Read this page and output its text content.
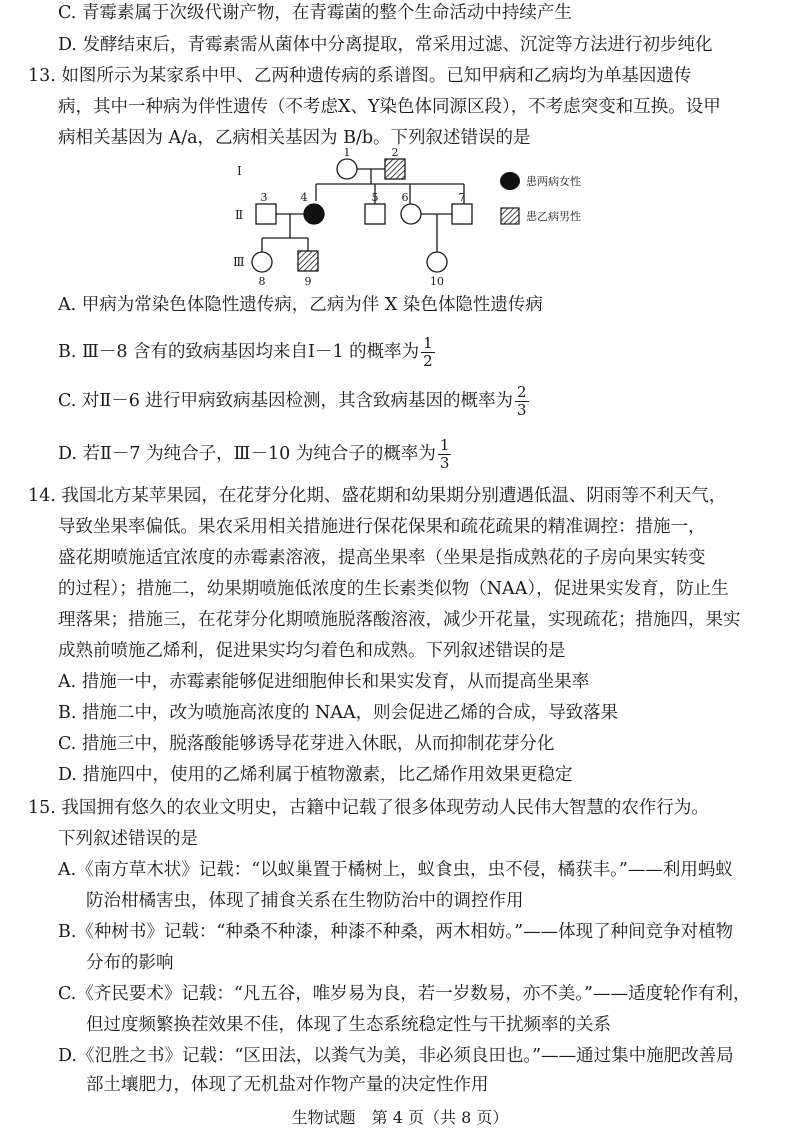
C. 青霉素属于次级代谢产物，在青霉菌的整个生命活动中持续产生
D. 发酵结束后，青霉素需从菌体中分离提取，常采用过滤、沉淀等方法进行初步纯化
13. 如图所示为某家系中甲、乙两种遗传病的系谱图。已知甲病和乙病均为单基因遗传
病，其中一种病为伴性遗传（不考虑X、Y染色体同源区段），不考虑突变和互换。设甲
病相关基因为 A/a，乙病相关基因为 B/b。下列叙述错误的是
Ⅰ
Ⅱ
Ⅲ
1	2
3	4	5 6	7
8	9	10
患两病女性
患乙病男性
A. 甲病为常染色体隐性遗传病，乙病为伴 X 染色体隐性遗传病
B. Ⅲ－8 含有的致病基因均来自Ⅰ－1 的概率为 $\frac{1}{2}$
C. 对Ⅱ－6 进行甲病致病基因检测，其含致病基因的概率为 $\frac{2}{3}$
D. 若Ⅱ－7 为纯合子，Ⅲ－10 为纯合子的概率为 $\frac{1}{3}$
14. 我国北方某苹果园，在花芽分化期、盛花期和幼果期分别遭遇低温、阴雨等不利天气，
导致坐果率偏低。果农采用相关措施进行保花保果和疏花疏果的精准调控：措施一，
盛花期喷施适宜浓度的赤霉素溶液，提高坐果率（坐果是指成熟花的子房向果实转变
的过程）；措施二，幼果期喷施低浓度的生长素类似物（NAA），促进果实发育，防止生
理落果；措施三，在花芽分化期喷施脱落酸溶液，减少开花量，实现疏花；措施四，果实
成熟前喷施乙烯利，促进果实均匀着色和成熟。下列叙述错误的是
A. 措施一中，赤霉素能够促进细胞伸长和果实发育，从而提高坐果率
B. 措施二中，改为喷施高浓度的 NAA，则会促进乙烯的合成，导致落果
C. 措施三中，脱落酸能够诱导花芽进入休眠，从而抑制花芽分化
D. 措施四中，使用的乙烯利属于植物激素，比乙烯作用效果更稳定
15. 我国拥有悠久的农业文明史，古籍中记载了很多体现劳动人民伟大智慧的农作行为。
下列叙述错误的是
A.《南方草木状》记载：“以蚁巢置于橘树上，蚁食虫，虫不侵，橘获丰。”——利用蚂蚁
防治柑橘害虫，体现了捕食关系在生物防治中的调控作用
B.《种树书》记载：“种桑不种漆，种漆不种桑，两木相妨。”——体现了种间竞争对植物
分布的影响
C.《齐民要术》记载：“凡五谷，唯岁易为良，若一岁数易，亦不美。”——适度轮作有利，
但过度频繁换茬效果不佳，体现了生态系统稳定性与干扰频率的关系
D.《氾胜之书》记载：“区田法，以粪气为美，非必须良田也。”——通过集中施肥改善局
部土壤肥力，体现了无机盐对作物产量的决定性作用
生物试题　第 4 页（共 8 页）
